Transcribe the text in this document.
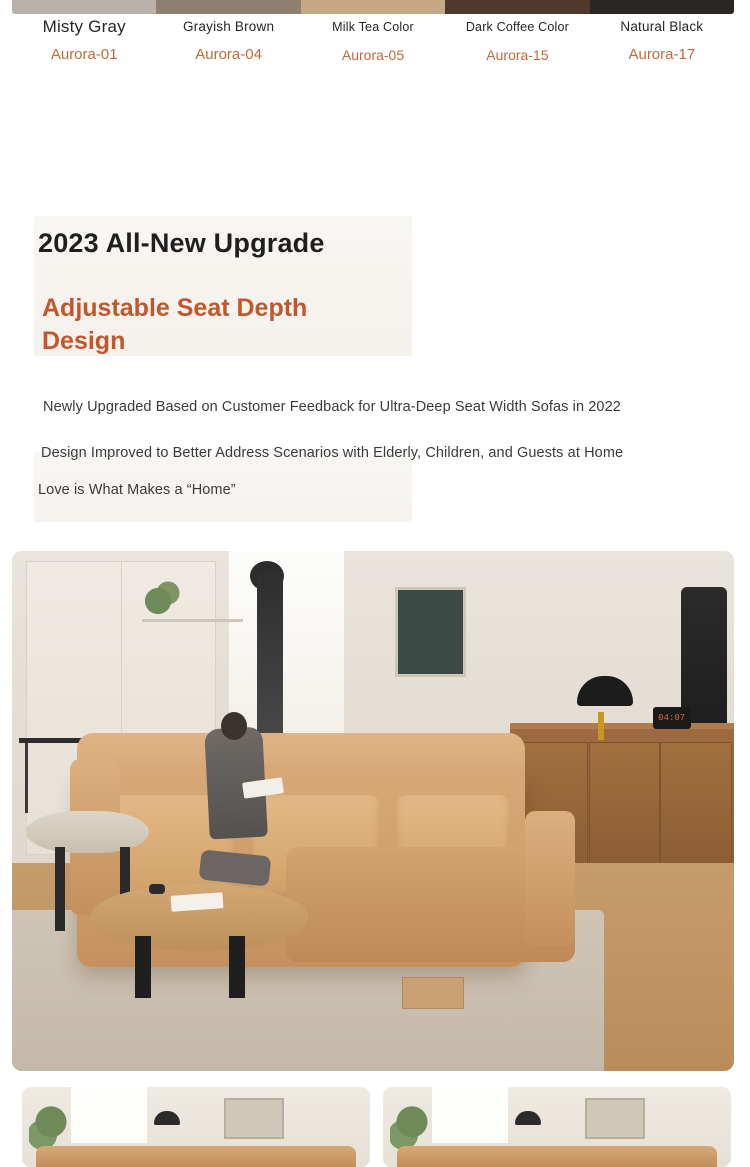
Misty Gray
Aurora-01
Grayish Brown
Aurora-04
Milk Tea Color
Aurora-05
Dark Coffee Color
Aurora-15
Natural Black
Aurora-17
2023 All-New Upgrade
Adjustable Seat Depth Design
Newly Upgraded Based on Customer Feedback for Ultra-Deep Seat Width Sofas in 2022
Design Improved to Better Address Scenarios with Elderly, Children, and Guests at Home
Love is What Makes a “Home”
04:07
